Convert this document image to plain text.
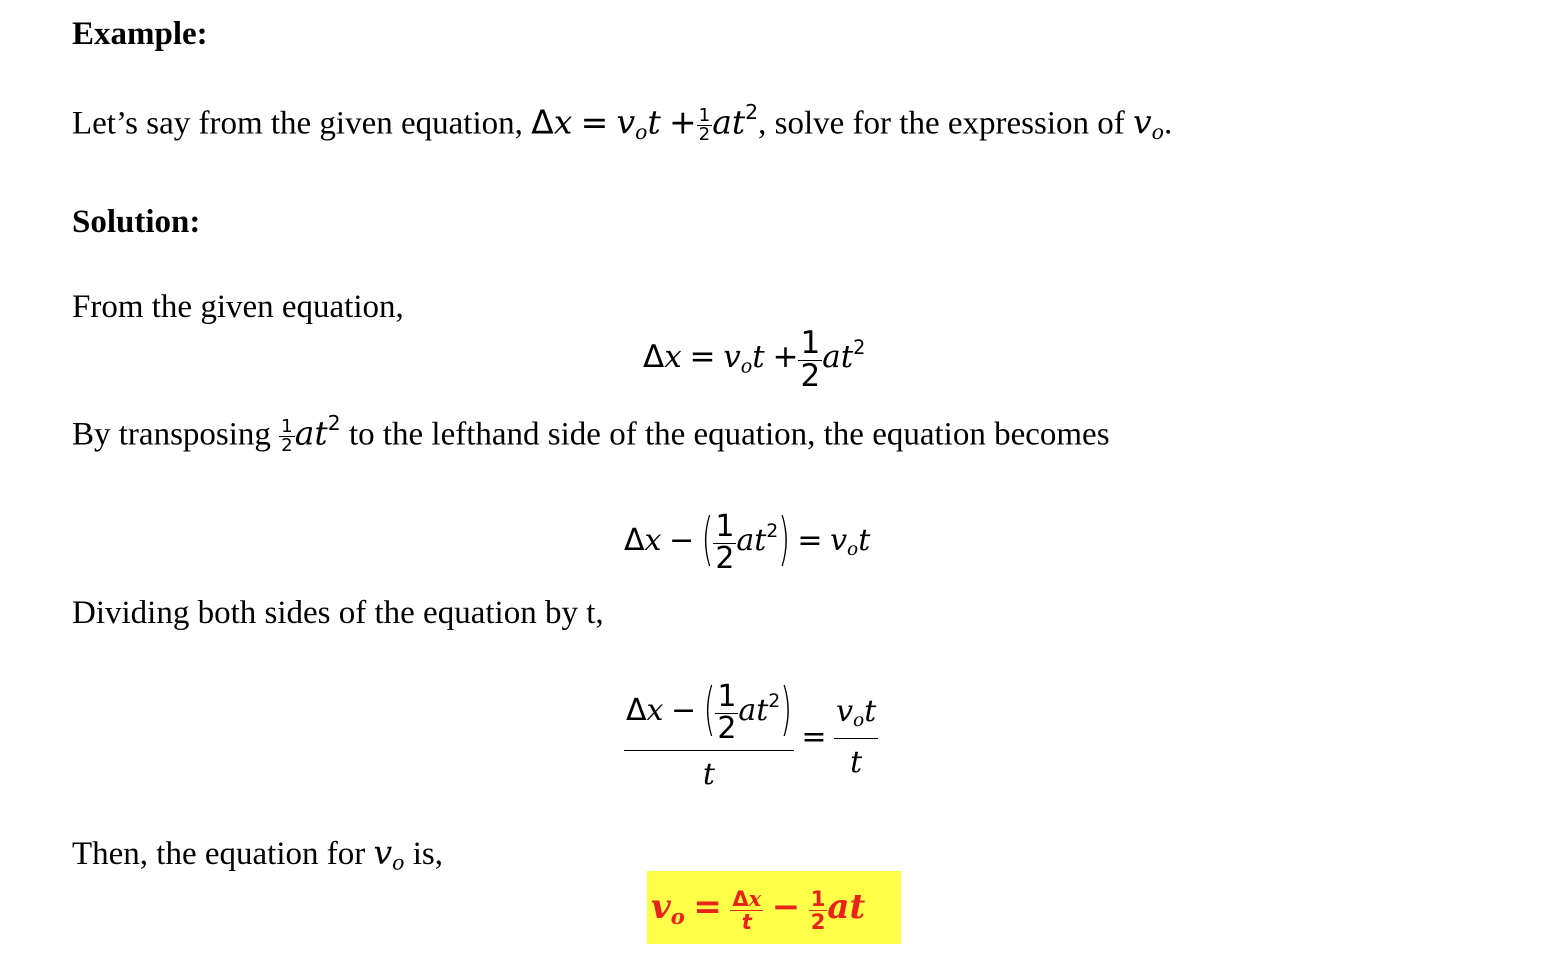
Example:
Let’s say from the given equation, $\Delta x = v_ot + \frac{1}{2} at^2$, solve for the expression of $v_o$.
Solution:
From the given equation,
$\Delta x = v_ot + \frac{1}{2} at^2$
By transposing $\frac{1}{2} at^2$ to the lefthand side of the equation, the equation becomes
Δx − ( $\frac{1}{2} at^2) = v_ot$
Dividing both sides of the equation by t,
$\frac{\Delta x - ( \frac{1}{2} at^2)}{t}$ =
$v_ot$
t
Then, the equation for $v_o$ is,
$v_o = \frac{\Delta x}{t} - \frac{1}{2}$ at
